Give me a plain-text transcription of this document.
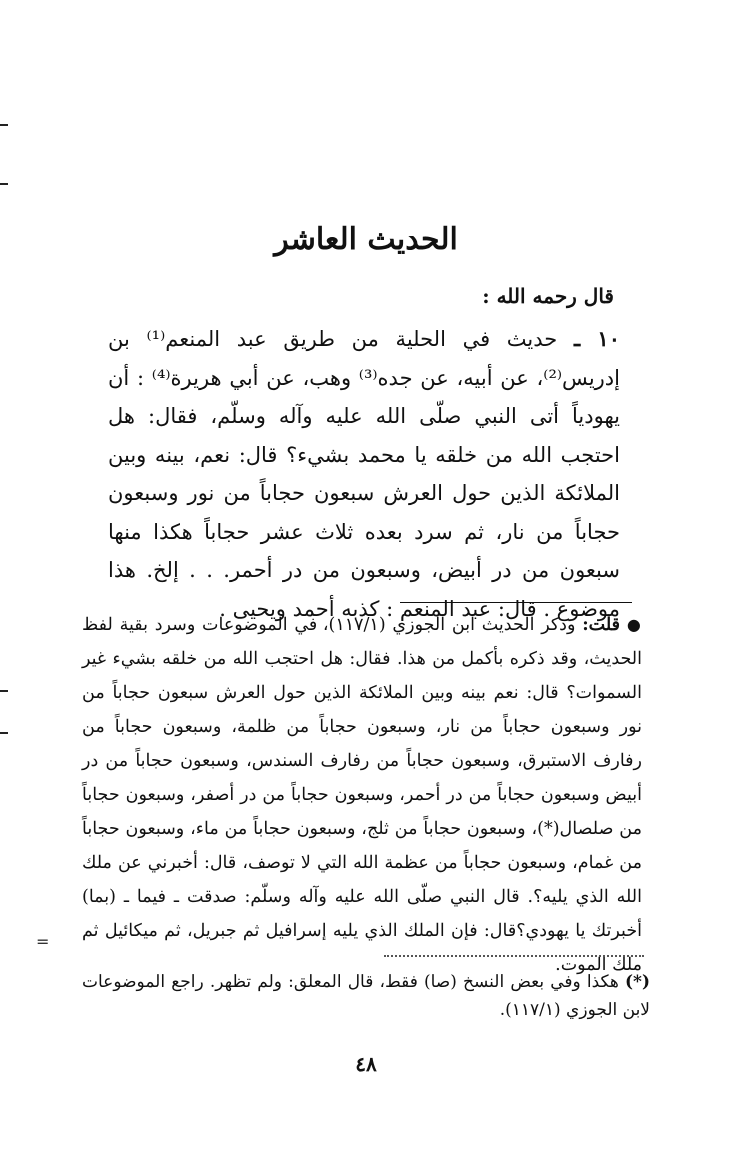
الحديث العاشر
قال رحمه الله :
١٠ ـ حديث في الحلية من طريق عبد المنعم⁽¹⁾ بن إدريس⁽²⁾، عن أبيه، عن جده⁽³⁾ وهب، عن أبي هريرة⁽⁴⁾ : أن يهودياً أتى النبي صلّى الله عليه وآله وسلّم، فقال: هل احتجب الله من خلقه يا محمد بشيء؟ قال: نعم، بينه وبين الملائكة الذين حول العرش سبعون حجاباً من نور وسبعون حجاباً من نار، ثم سرد بعده ثلاث عشر حجاباً هكذا منها سبعون من در أبيض، وسبعون من در أحمر. . . إلخ. هذا موضوع . قال: عبد المنعم : كذبه أحمد ويحيى .
● قلت: وذكر الحديث ابن الجوزي (١١٧/١)، في الموضوعات وسرد بقية لفظ الحديث، وقد ذكره بأكمل من هذا. فقال: هل احتجب الله من خلقه بشيء غير السموات؟ قال: نعم بينه وبين الملائكة الذين حول العرش سبعون حجاباً من نور وسبعون حجاباً من نار، وسبعون حجاباً من ظلمة، وسبعون حجاباً من رفارف الاستبرق، وسبعون حجاباً من رفارف السندس، وسبعون حجاباً من در أبيض وسبعون حجاباً من در أحمر، وسبعون حجاباً من در أصفر، وسبعون حجاباً من صلصال(*)، وسبعون حجاباً من ثلج، وسبعون حجاباً من ماء، وسبعون حجاباً من غمام، وسبعون حجاباً من عظمة الله التي لا توصف، قال: أخبرني عن ملك الله الذي يليه؟. قال النبي صلّى الله عليه وآله وسلّم: صدقت ـ فيما ـ (بما) أخبرتك يا يهودي؟قال: فإن الملك الذي يليه إسرافيل ثم جبريل، ثم ميكائيل ثم ملك الموت.
=
(*) هكذا وفي بعض النسخ (صا) فقط، قال المعلق: ولم تظهر. راجع الموضوعات لابن الجوزي (١١٧/١).
٤٨
